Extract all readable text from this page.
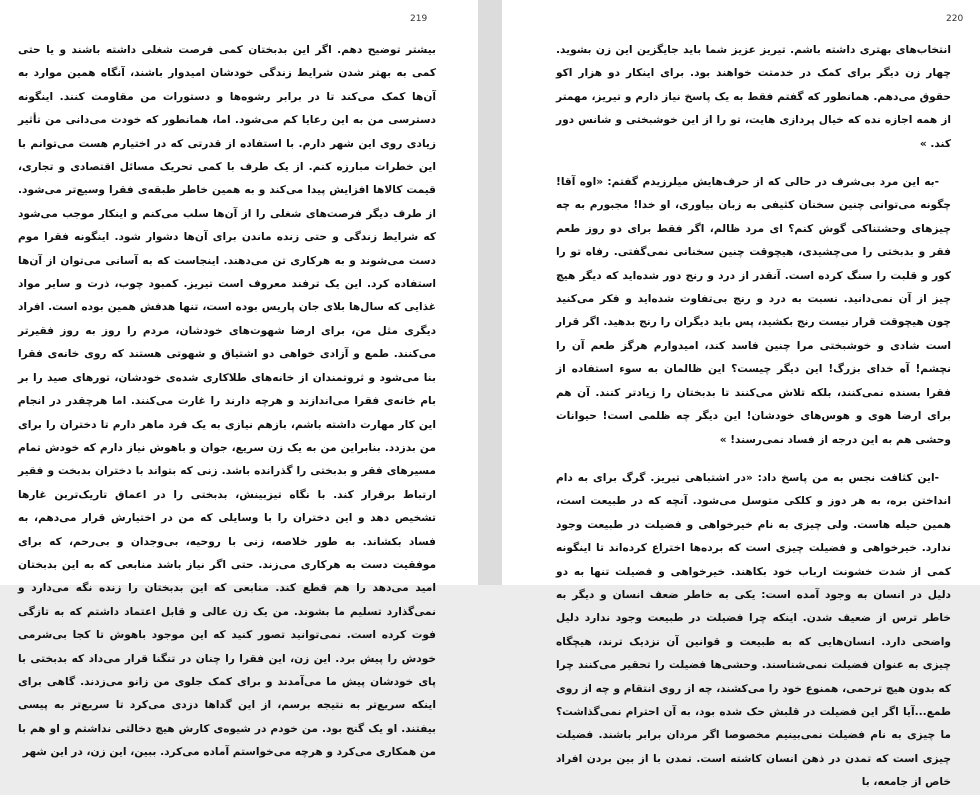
219

بیشتر توضیح دهم. اگر این بدبختان کمی فرصت شغلی داشته باشند و یا حتی کمی به بهتر شدن شرایط زندگی خودشان امیدوار باشند، آنگاه همین موارد به آن‌ها کمک می‌کند تا در برابر رشوه‌ها و دستورات من مقاومت کنند. اینگونه دسترسی من به این رعایا کم می‌شود. اما، همانطور که خودت می‌دانی من تأثیر زیادی روی این شهر دارم. با استفاده از قدرتی که در اختیارم هست می‌توانم با این خطرات مبارزه کنم. از یک طرف با کمی تحریک مسائل اقتصادی و تجاری، قیمت کالاها افزایش پیدا می‌کند و به همین خاطر طبقه‌ی فقرا وسیع‌تر می‌شود. از طرف دیگر فرصت‌های شغلی را از آن‌ها سلب می‌کنم و اینکار موجب می‌شود که شرایط زندگی و حتی زنده ماندن برای آن‌ها دشوار شود. اینگونه فقرا موم دست می‌شوند و به هرکاری تن می‌دهند. اینجاست که به آسانی می‌توان از آن‌ها استفاده کرد. این یک ترفند معروف است تیریز. کمبود چوب، ذرت و سایر مواد غذایی که سال‌ها بلای جان پاریس بوده است، تنها هدفش همین بوده است. افراد دیگری مثل من، برای ارضا شهوت‌های خودشان، مردم را روز به روز فقیرتر می‌کنند. طمع و آزادی خواهی دو اشتیاق و شهوتی هستند که روی خانه‌ی فقرا بنا می‌شود و ثروتمندان از خانه‌های طلاکاری شده‌ی خودشان، تورهای صید را بر بام خانه‌ی فقرا می‌اندازند و هرچه دارند را غارت می‌کنند. اما هرچقدر در انجام این کار مهارت داشته باشم، بازهم نیازی به یک فرد ماهر دارم تا دختران را برای من بدزدد. بنابراین من به یک زن سریع، جوان و باهوش نیاز دارم که خودش تمام مسیرهای فقر و بدبختی را گذرانده باشد. زنی که بتواند با دختران بدبخت و فقیر ارتباط برقرار کند. با نگاه تیزبینش، بدبختی را در اعماق تاریک‌ترین غارها تشخیص دهد و این دختران را با وسایلی که من در اختیارش قرار می‌دهم، به فساد بکشاند. به طور خلاصه، زنی با روحیه، بی‌وجدان و بی‌رحم، که برای موفقیت دست به هرکاری می‌زند. حتی اگر نیاز باشد منابعی که به این بدبختان امید می‌دهد را هم قطع کند. منابعی که این بدبختان را زنده نگه می‌دارد و نمی‌گذارد تسلیم ما بشوند. من یک زن عالی و قابل اعتماد داشتم که به تازگی فوت کرده است. نمی‌توانید تصور کنید که این موجود باهوش تا کجا بی‌شرمی خودش را پیش برد. این زن، این فقرا را چنان در تنگنا قرار می‌داد که بدبختی با پای خودشان پیش ما می‌آمدند و برای کمک جلوی من زانو می‌زدند. گاهی برای اینکه سریع‌تر به نتیجه برسم، از این گداها دزدی می‌کرد تا سریع‌تر به پیسی بیفتند. او یک گنج بود. من خودم در شیوه‌ی کارش هیچ دخالتی نداشتم و او هم با من همکاری می‌کرد و هرچه می‌خواستم آماده می‌کرد. ببین، این زن، در این شهر

220

انتخاب‌های بهتری داشته باشم. تیریز عزیز شما باید جایگزین این زن بشوید. چهار زن دیگر برای کمک در خدمتت خواهند بود. برای اینکار دو هزار اکو حقوق می‌دهم. همانطور که گفتم فقط به یک پاسخ نیاز دارم و تیریز، مهمتر از همه اجازه نده که خیال پردازی هایت، تو را از این خوشبختی و شانس دور کند. »

-به این مرد بی‌شرف در حالی که از حرف‌هایش میلرزیدم گفتم: «اوه آقا! چگونه می‌توانی چنین سخنان کثیفی به زبان بیاوری، او خدا! مجبورم به چه چیزهای وحشتناکی گوش کنم؟ ای مرد ظالم، اگر فقط برای دو روز طعم فقر و بدبختی را می‌چشیدی، هیچوقت چنین سخنانی نمی‌گفتی. رفاه تو را کور و قلبت را سنگ کرده است. آنقدر از درد و رنج دور شده‌اید که دیگر هیچ چیز از آن نمی‌دانید. نسبت به درد و رنج بی‌تفاوت شده‌اید و فکر می‌کنید چون هیچوقت قرار نیست رنج بکشید، پس باید دیگران را رنج بدهید. اگر قرار است شادی و خوشبختی مرا چنین فاسد کند، امیدوارم هرگز طعم آن را نچشم! آه خدای بزرگ! این دیگر چیست؟ این ظالمان به سوء استفاده از فقرا بسنده نمی‌کنند، بلکه تلاش می‌کنند تا بدبختان را زیادتر کنند. آن هم برای ارضا هوی و هوس‌های خودشان! این دیگر چه ظلمی است! حیوانات وحشی هم به این درجه از فساد نمی‌رسند! »

-این کثافت نجس به من پاسخ داد: «در اشتباهی تیریز. گرگ برای به دام انداختن بره، به هر دوز و کلکی متوسل می‌شود. آنچه که در طبیعت است، همین حیله هاست. ولی چیزی به نام خیرخواهی و فضیلت در طبیعت وجود ندارد. خیرخواهی و فضیلت چیزی است که برده‌ها اختراع کرده‌اند تا اینگونه کمی از شدت خشونت ارباب خود بکاهند. خیرخواهی و فضیلت تنها به دو دلیل در انسان به وجود آمده است: یکی به خاطر ضعف انسان و دیگر به خاطر ترس از ضعیف شدن. اینکه چرا فضیلت در طبیعت وجود ندارد دلیل واضحی دارد. انسان‌هایی که به طبیعت و قوانین آن نزدیک ترند، هیچگاه چیزی به عنوان فضیلت نمی‌شناسند. وحشی‌ها فضیلت را تحقیر می‌کنند چرا که بدون هیچ ترحمی، همنوع خود را می‌کشند، چه از روی انتقام و چه از روی طمع...آیا اگر این فضیلت در قلبش حک شده بود، به آن احترام نمی‌گذاشت؟ ما چیزی به نام فضیلت نمی‌بینیم مخصوصا اگر مردان برابر باشند. فضیلت چیزی است که تمدن در ذهن انسان کاشته است. تمدن با از بین بردن افراد خاص از جامعه، با
